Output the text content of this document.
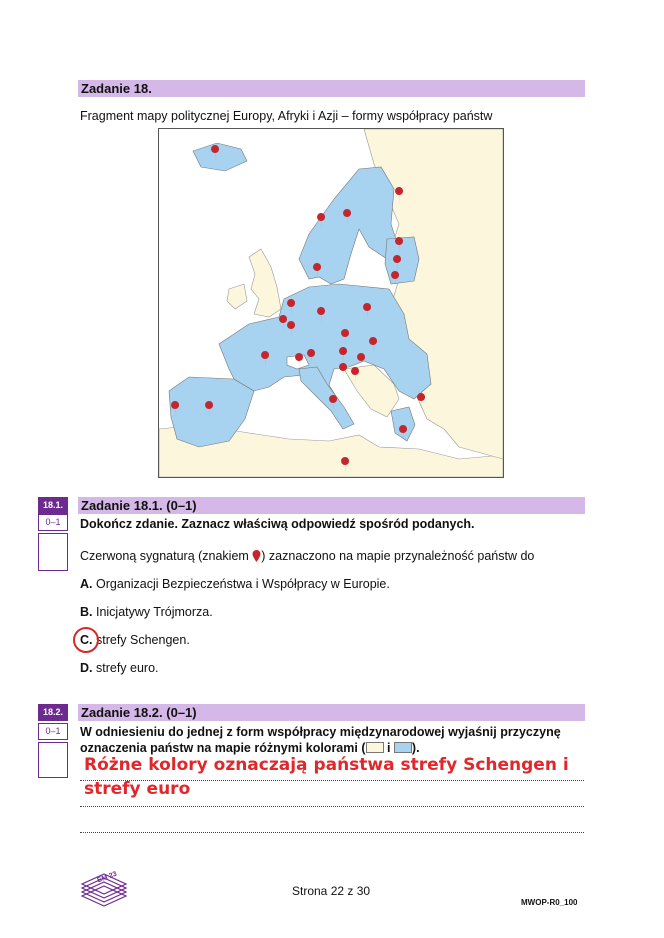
Zadanie 18.
Fragment mapy politycznej Europy, Afryki i Azji – formy współpracy państw
18.1.
0–1
Zadanie 18.1. (0–1)
Dokończ zdanie. Zaznacz właściwą odpowiedź spośród podanych.
Czerwoną sygnaturą (znakiem ) zaznaczono na mapie przynależność państw do
A. Organizacji Bezpieczeństwa i Współpracy w Europie.
B. Inicjatywy Trójmorza.
C. strefy Schengen.
D. strefy euro.
18.2.
0–1
Zadanie 18.2. (0–1)
W odniesieniu do jednej z form współpracy międzynarodowej wyjaśnij przyczynę
oznaczenia państw na mapie różnymi kolorami ( i ).
Różne kolory oznaczają państwa strefy Schengen i
strefy euro
EM 23
Strona 22 z 30
MWOP-R0_100
